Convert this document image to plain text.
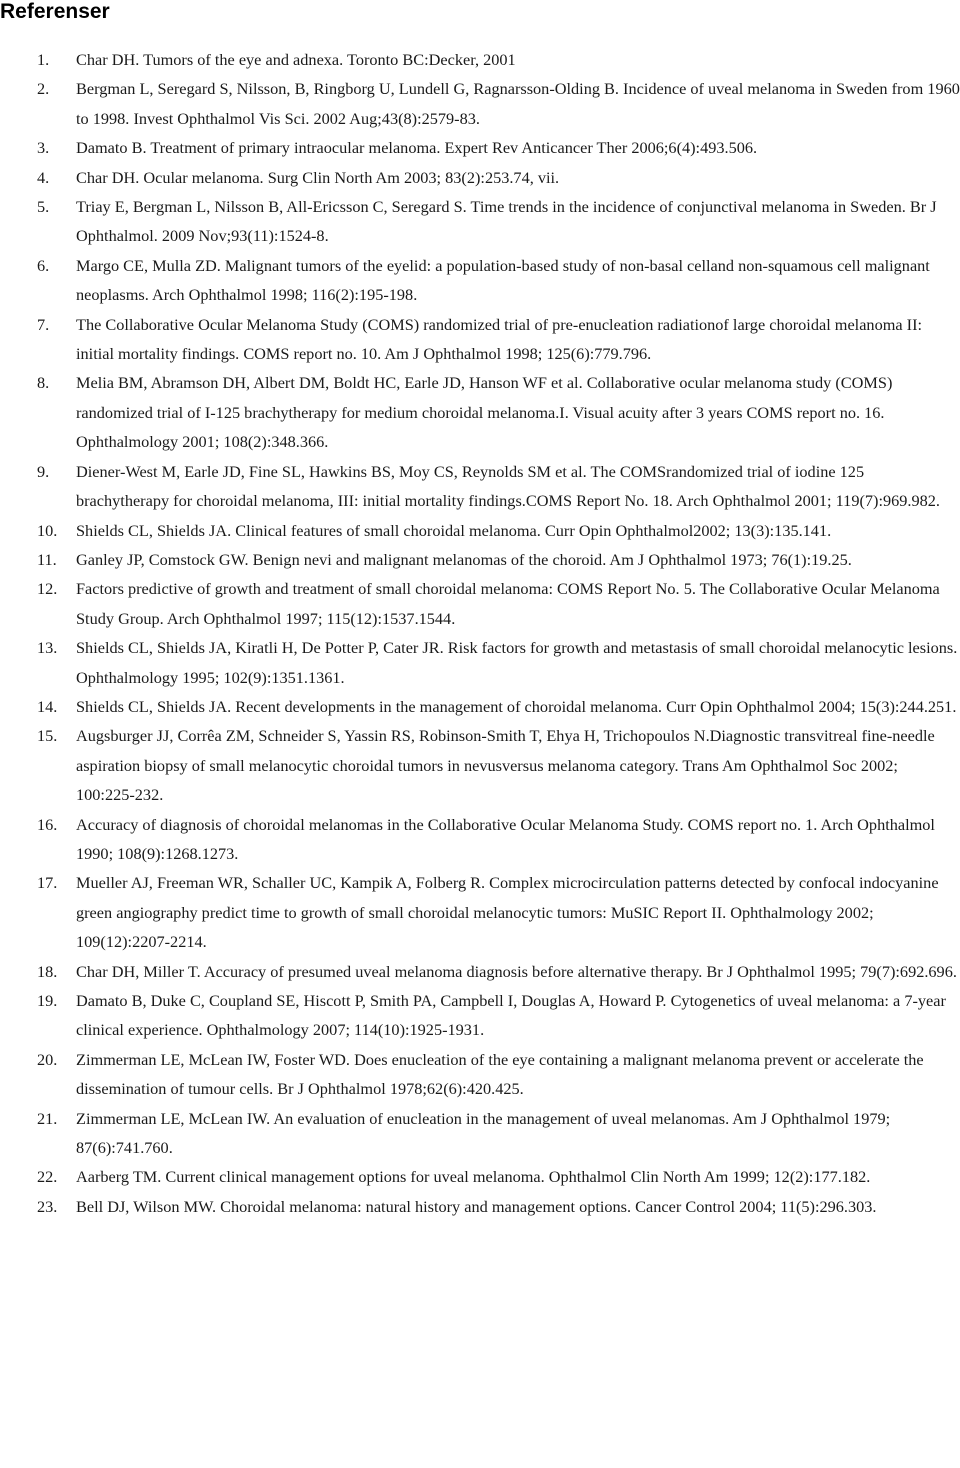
Referenser
1. Char DH. Tumors of the eye and adnexa. Toronto BC:Decker, 2001
2. Bergman L, Seregard S, Nilsson, B, Ringborg U, Lundell G, Ragnarsson-Olding B. Incidence of uveal melanoma in Sweden from 1960 to 1998. Invest Ophthalmol Vis Sci. 2002 Aug;43(8):2579-83.
3. Damato B. Treatment of primary intraocular melanoma. Expert Rev Anticancer Ther 2006;6(4):493.506.
4. Char DH. Ocular melanoma. Surg Clin North Am 2003; 83(2):253.74, vii.
5. Triay E, Bergman L, Nilsson B, All-Ericsson C, Seregard S. Time trends in the incidence of conjunctival melanoma in Sweden. Br J Ophthalmol. 2009 Nov;93(11):1524-8.
6. Margo CE, Mulla ZD. Malignant tumors of the eyelid: a population-based study of non-basal celland non-squamous cell malignant neoplasms. Arch Ophthalmol 1998; 116(2):195-198.
7. The Collaborative Ocular Melanoma Study (COMS) randomized trial of pre-enucleation radiationof large choroidal melanoma II: initial mortality findings. COMS report no. 10. Am J Ophthalmol 1998; 125(6):779.796.
8. Melia BM, Abramson DH, Albert DM, Boldt HC, Earle JD, Hanson WF et al. Collaborative ocular melanoma study (COMS) randomized trial of I-125 brachytherapy for medium choroidal melanoma.I. Visual acuity after 3 years COMS report no. 16. Ophthalmology 2001; 108(2):348.366.
9. Diener-West M, Earle JD, Fine SL, Hawkins BS, Moy CS, Reynolds SM et al. The COMSrandomized trial of iodine 125 brachytherapy for choroidal melanoma, III: initial mortality findings.COMS Report No. 18. Arch Ophthalmol 2001; 119(7):969.982.
10. Shields CL, Shields JA. Clinical features of small choroidal melanoma. Curr Opin Ophthalmol2002; 13(3):135.141.
11. Ganley JP, Comstock GW. Benign nevi and malignant melanomas of the choroid. Am J Ophthalmol 1973; 76(1):19.25.
12. Factors predictive of growth and treatment of small choroidal melanoma: COMS Report No. 5. The Collaborative Ocular Melanoma Study Group. Arch Ophthalmol 1997; 115(12):1537.1544.
13. Shields CL, Shields JA, Kiratli H, De Potter P, Cater JR. Risk factors for growth and metastasis of small choroidal melanocytic lesions. Ophthalmology 1995; 102(9):1351.1361.
14. Shields CL, Shields JA. Recent developments in the management of choroidal melanoma. Curr Opin Ophthalmol 2004; 15(3):244.251.
15. Augsburger JJ, Corrêa ZM, Schneider S, Yassin RS, Robinson-Smith T, Ehya H, Trichopoulos N.Diagnostic transvitreal fine-needle aspiration biopsy of small melanocytic choroidal tumors in nevusversus melanoma category. Trans Am Ophthalmol Soc 2002; 100:225-232.
16. Accuracy of diagnosis of choroidal melanomas in the Collaborative Ocular Melanoma Study. COMS report no. 1. Arch Ophthalmol 1990; 108(9):1268.1273.
17. Mueller AJ, Freeman WR, Schaller UC, Kampik A, Folberg R. Complex microcirculation patterns detected by confocal indocyanine green angiography predict time to growth of small choroidal melanocytic tumors: MuSIC Report II. Ophthalmology 2002; 109(12):2207-2214.
18. Char DH, Miller T. Accuracy of presumed uveal melanoma diagnosis before alternative therapy. Br J Ophthalmol 1995; 79(7):692.696.
19. Damato B, Duke C, Coupland SE, Hiscott P, Smith PA, Campbell I, Douglas A, Howard P. Cytogenetics of uveal melanoma: a 7-year clinical experience. Ophthalmology 2007; 114(10):1925-1931.
20. Zimmerman LE, McLean IW, Foster WD. Does enucleation of the eye containing a malignant melanoma prevent or accelerate the dissemination of tumour cells. Br J Ophthalmol 1978;62(6):420.425.
21. Zimmerman LE, McLean IW. An evaluation of enucleation in the management of uveal melanomas. Am J Ophthalmol 1979; 87(6):741.760.
22. Aarberg TM. Current clinical management options for uveal melanoma. Ophthalmol Clin North Am 1999; 12(2):177.182.
23. Bell DJ, Wilson MW. Choroidal melanoma: natural history and management options. Cancer Control 2004; 11(5):296.303.
